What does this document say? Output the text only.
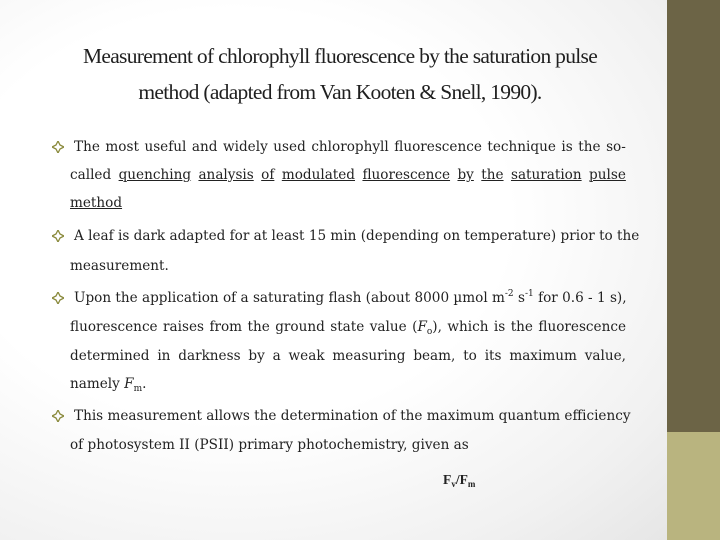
Measurement of chlorophyll fluorescence by the saturation pulse
method (adapted from Van Kooten & Snell, 1990).
The most useful and widely used chlorophyll fluorescence technique is the so-
called quenching analysis of modulated fluorescence by the saturation pulse
method
A leaf is dark adapted for at least 15 min (depending on temperature) prior to the
measurement.
Upon the application of a saturating flash (about 8000 µmol $m^{-2}$ $s^{-1}$ for 0.6 - 1 s),
fluorescence raises from the ground state value $(F_o)$, which is the fluorescence
determined in darkness by a weak measuring beam, to its maximum value,
namely $F_m$.
This measurement allows the determination of the maximum quantum efficiency
of photosystem II (PSII) primary photochemistry, given as
$F_v/F_m$
